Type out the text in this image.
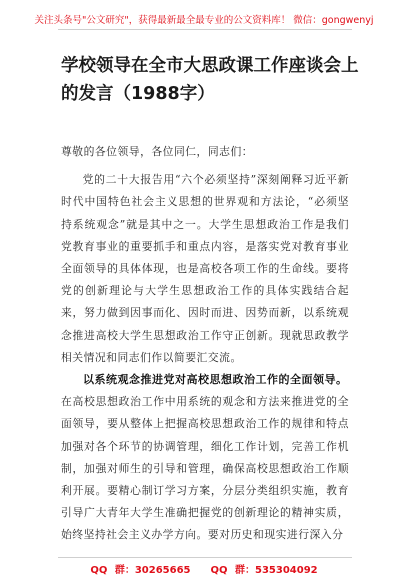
关注头条号"公文研究"，获得最新最全最专业的公文资料库！ 微信：gongwenyj
学校领导在全市大思政课工作座谈会上的发言（1988字）

尊敬的各位领导，各位同仁，同志们：

党的二十大报告用“六个必须坚持”深刻阐释习近平新时代中国特色社会主义思想的世界观和方法论，“必须坚持系统观念”就是其中之一。大学生思想政治工作是我们党教育事业的重要抓手和重点内容，是落实党对教育事业全面领导的具体体现，也是高校各项工作的生命线。要将党的创新理论与大学生思想政治工作的具体实践结合起来，努力做到因事而化、因时而进、因势而新，以系统观念推进高校大学生思想政治工作守正创新。现就思政教学相关情况和同志们作以简要汇交流。

以系统观念推进党对高校思想政治工作的全面领导。

在高校思想政治工作中用系统的观念和方法来推进党的全面领导，要从整体上把握高校思想政治工作的规律和特点加强对各个环节的协调管理，细化工作计划，完善工作机制，加强对师生的引导和管理，确保高校思想政治工作顺利开展。要精心制订学习方案，分层分类组织实施，教育引导广大青年大学生准确把握党的创新理论的精神实质，始终坚持社会主义办学方向。要对历史和现实进行深入分

QQ 群：30265665　　QQ 群：535304092
